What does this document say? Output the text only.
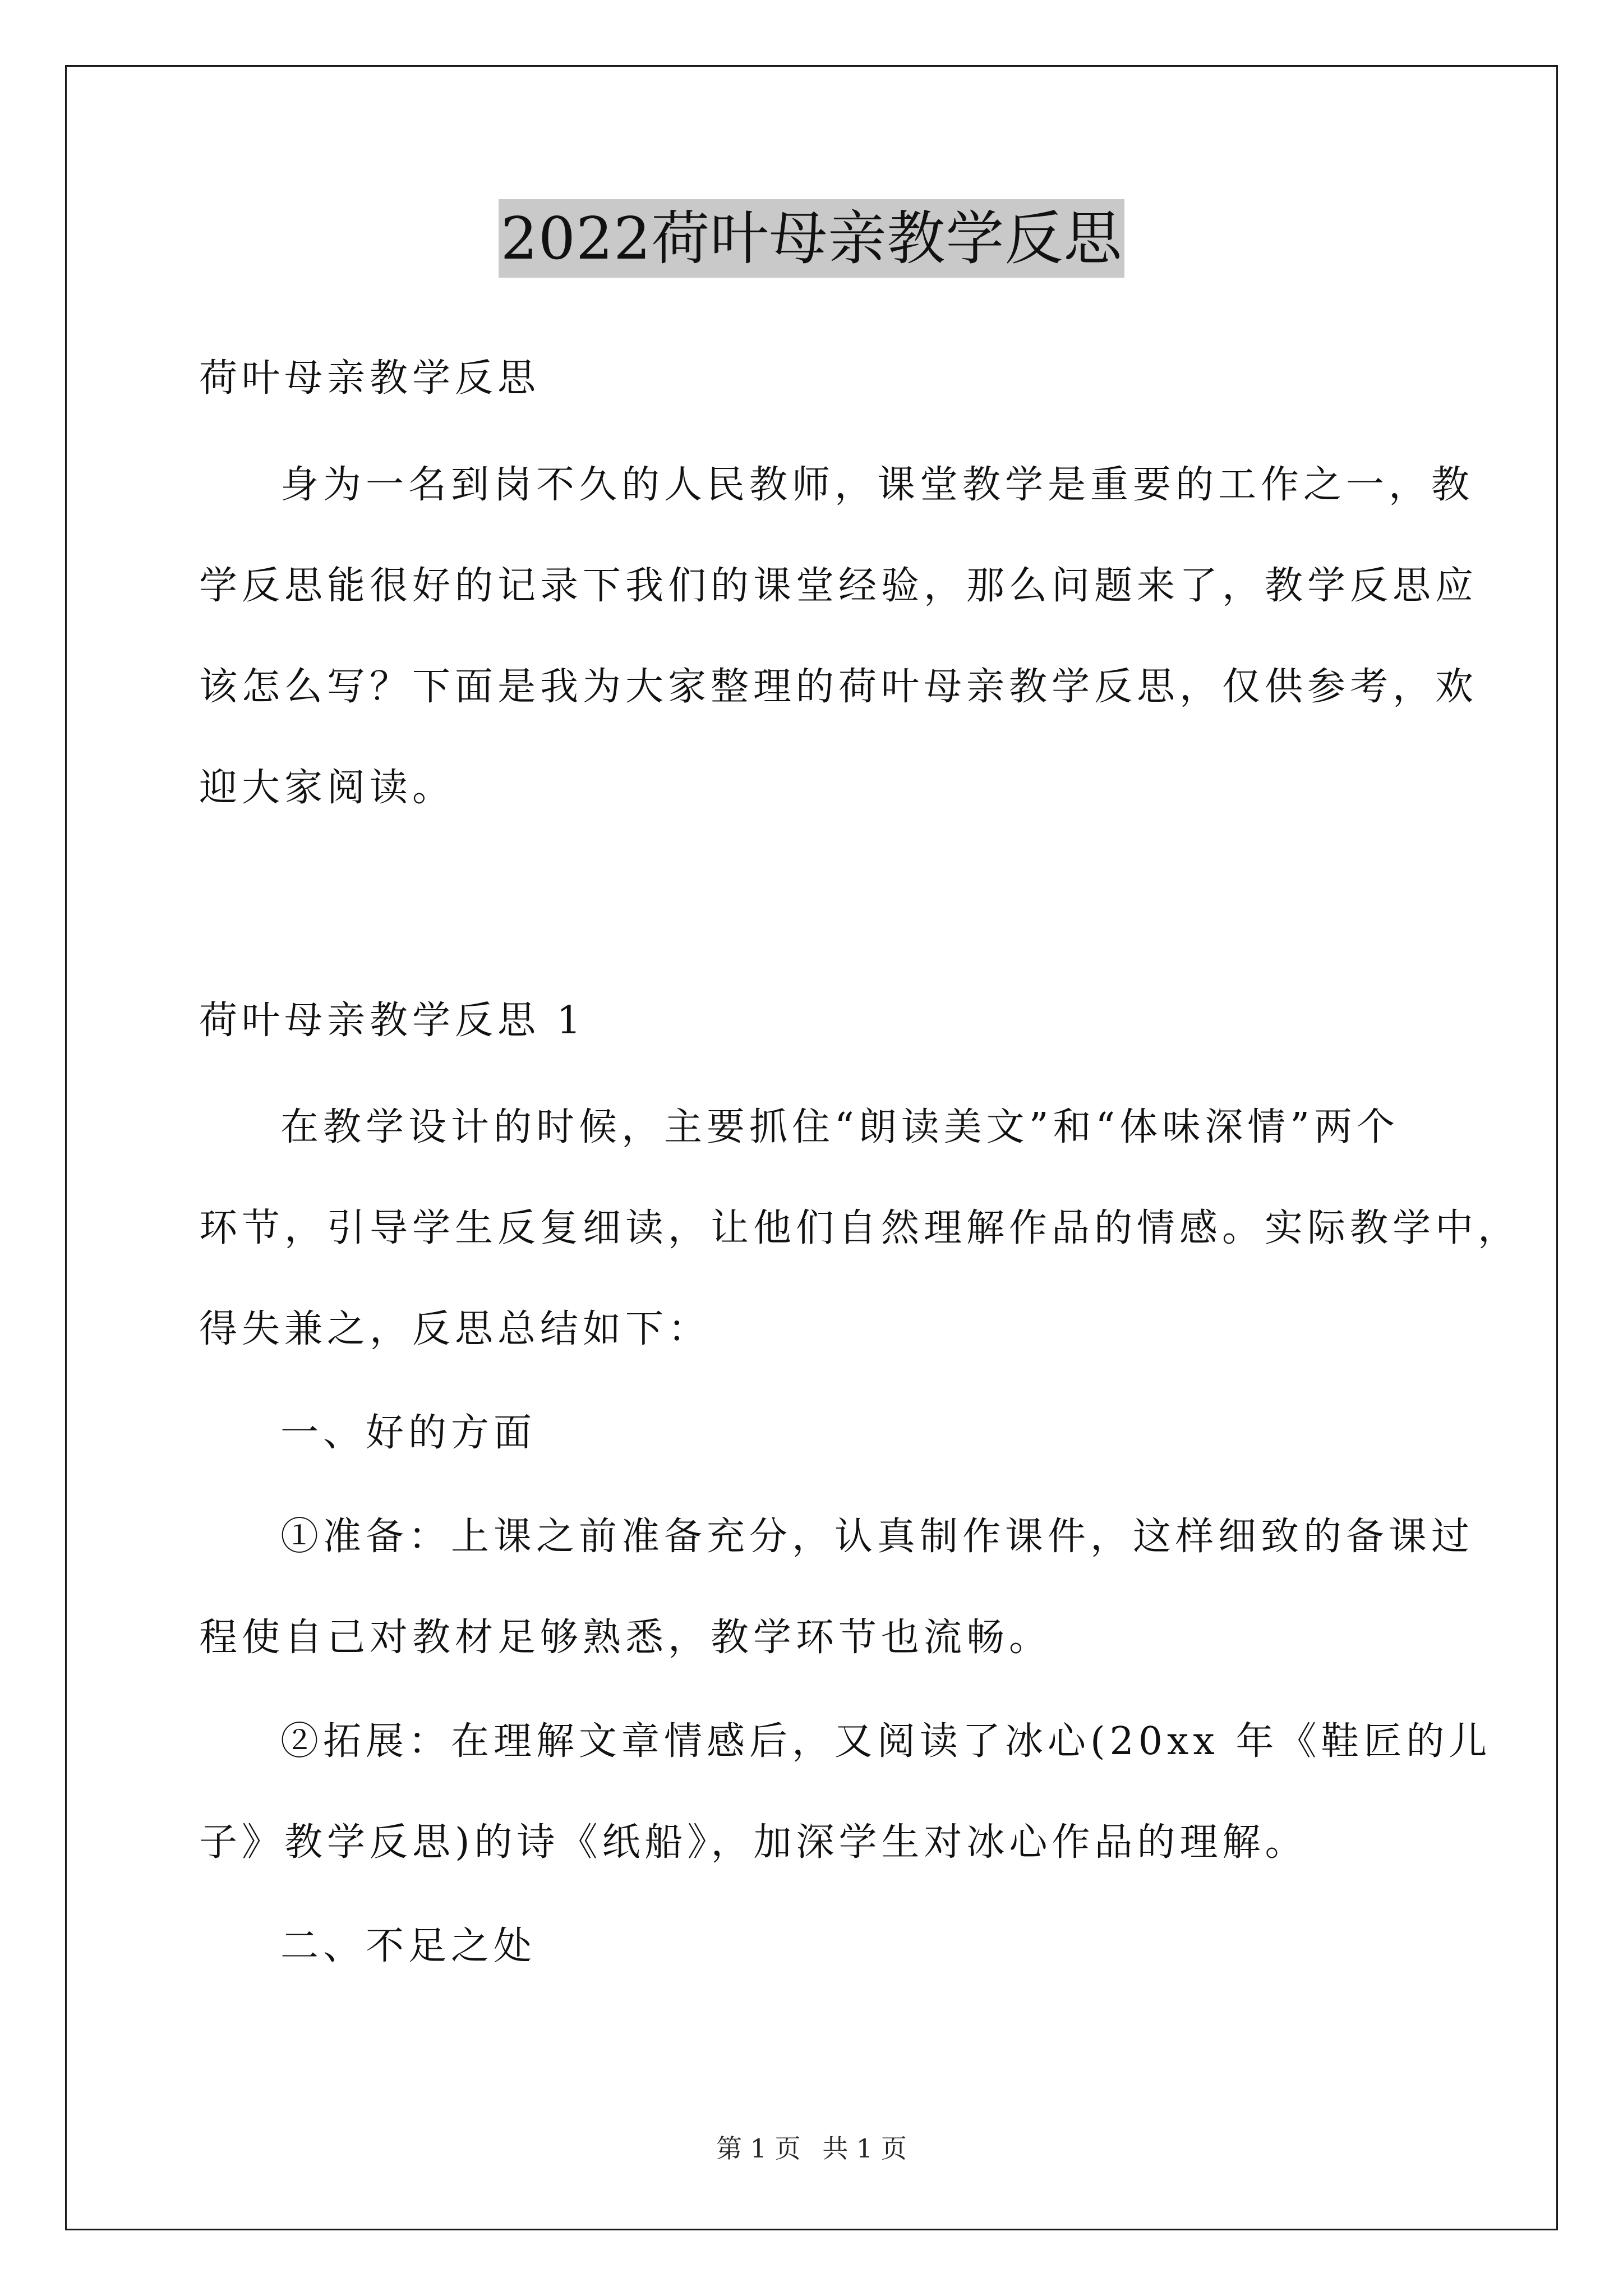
2022荷叶母亲教学反思
荷叶母亲教学反思
身为一名到岗不久的人民教师，课堂教学是重要的工作之一，教
学反思能很好的记录下我们的课堂经验，那么问题来了，教学反思应
该怎么写？下面是我为大家整理的荷叶母亲教学反思，仅供参考，欢
迎大家阅读。
荷叶母亲教学反思 1
在教学设计的时候，主要抓住“朗读美文”和“体味深情”两个
环节，引导学生反复细读，让他们自然理解作品的情感。实际教学中，
得失兼之，反思总结如下：
一、好的方面
①准备：上课之前准备充分，认真制作课件，这样细致的备课过
程使自己对教材足够熟悉，教学环节也流畅。
②拓展：在理解文章情感后，又阅读了冰心(20xx 年《鞋匠的儿
子》教学反思)的诗《纸船》，加深学生对冰心作品的理解。
二、不足之处
第 1 页 共 1 页
